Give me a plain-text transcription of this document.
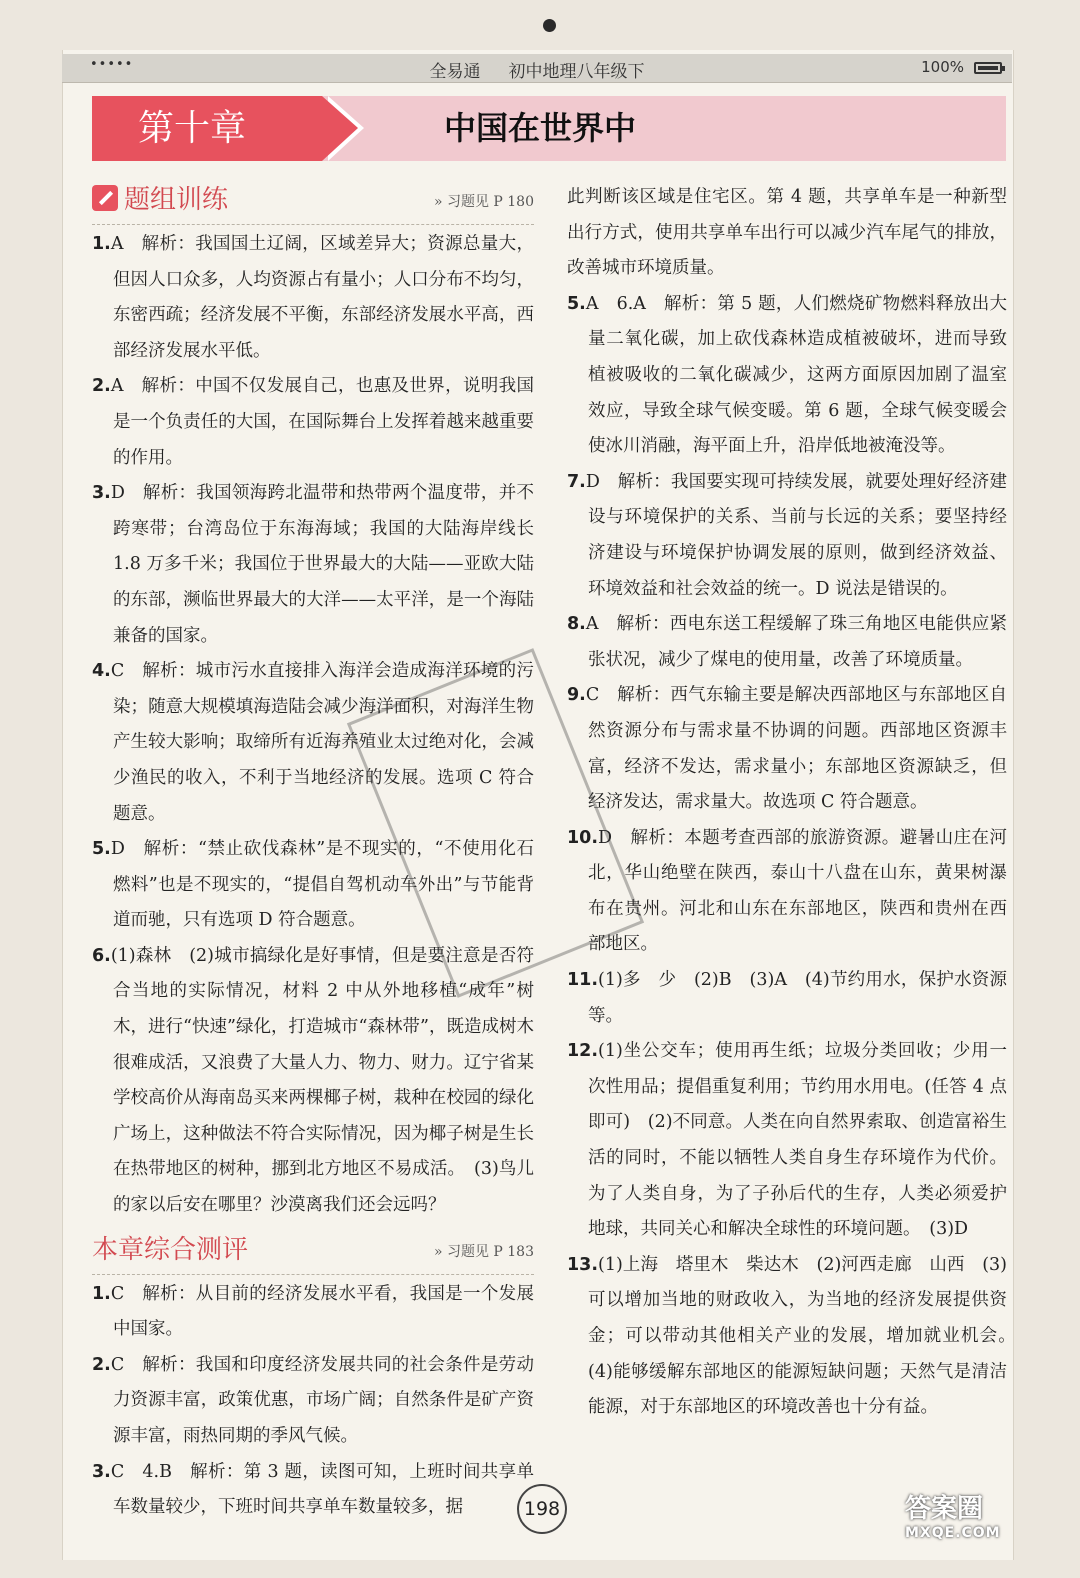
•••••	全易通 初中地理八年级下	100%
第十章	中国在世界中
题组训练	» 习题见 P 180
1.A　解析：我国国土辽阔，区域差异大；资源总量大，但因人口众多，人均资源占有量小；人口分布不均匀，东密西疏；经济发展不平衡，东部经济发展水平高，西部经济发展水平低。
2.A　解析：中国不仅发展自己，也惠及世界，说明我国是一个负责任的大国，在国际舞台上发挥着越来越重要的作用。
3.D　解析：我国领海跨北温带和热带两个温度带，并不跨寒带；台湾岛位于东海海域；我国的大陆海岸线长 1.8 万多千米；我国位于世界最大的大陆——亚欧大陆的东部，濒临世界最大的大洋——太平洋，是一个海陆兼备的国家。
4.C　解析：城市污水直接排入海洋会造成海洋环境的污染；随意大规模填海造陆会减少海洋面积，对海洋生物产生较大影响；取缔所有近海养殖业太过绝对化，会减少渔民的收入，不利于当地经济的发展。选项 C 符合题意。
5.D　解析：“禁止砍伐森林”是不现实的，“不使用化石燃料”也是不现实的，“提倡自驾机动车外出”与节能背道而驰，只有选项 D 符合题意。
6.(1)森林　(2)城市搞绿化是好事情，但是要注意是否符合当地的实际情况，材料 2 中从外地移植“成年”树木，进行“快速”绿化，打造城市“森林带”，既造成树木很难成活，又浪费了大量人力、物力、财力。辽宁省某学校高价从海南岛买来两棵椰子树，栽种在校园的绿化广场上，这种做法不符合实际情况，因为椰子树是生长在热带地区的树种，挪到北方地区不易成活。　(3)鸟儿的家以后安在哪里？沙漠离我们还会远吗？
本章综合测评	» 习题见 P 183
1.C　解析：从目前的经济发展水平看，我国是一个发展中国家。
2.C　解析：我国和印度经济发展共同的社会条件是劳动力资源丰富，政策优惠，市场广阔；自然条件是矿产资源丰富，雨热同期的季风气候。
3.C　4.B　解析：第 3 题，读图可知，上班时间共享单车数量较少，下班时间共享单车数量较多，据
此判断该区域是住宅区。第 4 题，共享单车是一种新型出行方式，使用共享单车出行可以减少汽车尾气的排放，改善城市环境质量。
5.A　6.A　解析：第 5 题，人们燃烧矿物燃料释放出大量二氧化碳，加上砍伐森林造成植被破坏，进而导致植被吸收的二氧化碳减少，这两方面原因加剧了温室效应，导致全球气候变暖。第 6 题，全球气候变暖会使冰川消融，海平面上升，沿岸低地被淹没等。
7.D　解析：我国要实现可持续发展，就要处理好经济建设与环境保护的关系、当前与长远的关系；要坚持经济建设与环境保护协调发展的原则，做到经济效益、环境效益和社会效益的统一。D 说法是错误的。
8.A　解析：西电东送工程缓解了珠三角地区电能供应紧张状况，减少了煤电的使用量，改善了环境质量。
9.C　解析：西气东输主要是解决西部地区与东部地区自然资源分布与需求量不协调的问题。西部地区资源丰富，经济不发达，需求量小；东部地区资源缺乏，但经济发达，需求量大。故选项 C 符合题意。
10.D　解析：本题考查西部的旅游资源。避暑山庄在河北，华山绝壁在陕西，泰山十八盘在山东，黄果树瀑布在贵州。河北和山东在东部地区，陕西和贵州在西部地区。
11.(1)多　少　(2)B　(3)A　(4)节约用水，保护水资源等。
12.(1)坐公交车；使用再生纸；垃圾分类回收；少用一次性用品；提倡重复利用；节约用水用电。(任答 4 点即可)　(2)不同意。人类在向自然界索取、创造富裕生活的同时，不能以牺牲人类自身生存环境作为代价。为了人类自身，为了子孙后代的生存，人类必须爱护地球，共同关心和解决全球性的环境问题。　(3)D
13.(1)上海　塔里木　柴达木　(2)河西走廊　山西　(3)可以增加当地的财政收入，为当地的经济发展提供资金；可以带动其他相关产业的发展，增加就业机会。　(4)能够缓解东部地区的能源短缺问题；天然气是清洁能源，对于东部地区的环境改善也十分有益。
198	答案圈
MXQE.COM
